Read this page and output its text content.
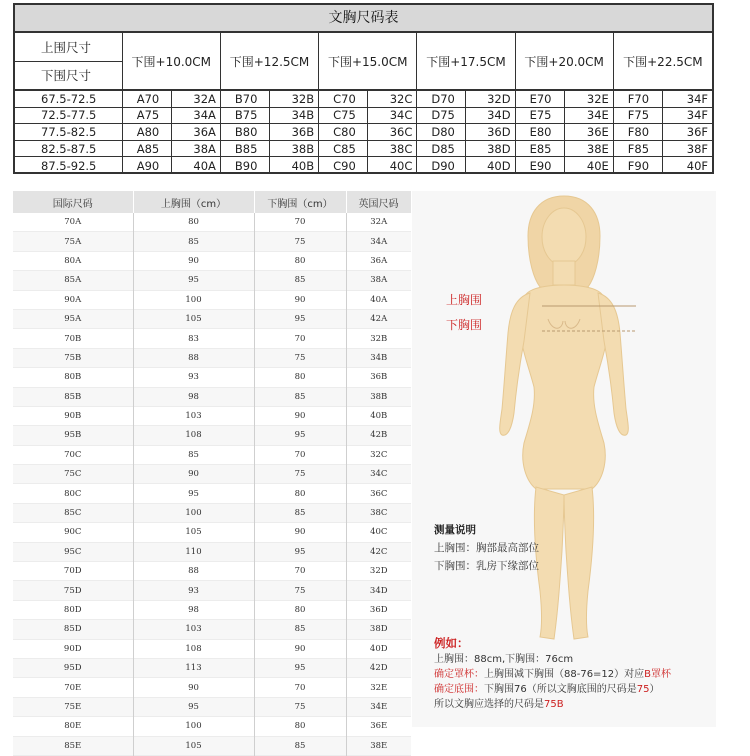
文胸尺码表
上围尺寸
下围尺寸
下围+10.0CM	下围+12.5CM	下围+15.0CM	下围+17.5CM	下围+20.0CM	下围+22.5CM
67.5-72.5	A70	32A	B70	32B	C70	32C	D70	32D	E70	32E	F70	34F
72.5-77.5	A75	34A	B75	34B	C75	34C	D75	34D	E75	34E	F75	34F
77.5-82.5	A80	36A	B80	36B	C80	36C	D80	36D	E80	36E	F80	36F
82.5-87.5	A85	38A	B85	38B	C85	38C	D85	38D	E85	38E	F85	38F
87.5-92.5	A90	40A	B90	40B	C90	40C	D90	40D	E90	40E	F90	40F
国际尺码	上胸围（cm）	下胸围（cm）	英国尺码
70A	80	70	32A
75A	85	75	34A
80A	90	80	36A
85A	95	85	38A
90A	100	90	40A
95A	105	95	42A
70B	83	70	32B
75B	88	75	34B
80B	93	80	36B
85B	98	85	38B
90B	103	90	40B
95B	108	95	42B
70C	85	70	32C
75C	90	75	34C
80C	95	80	36C
85C	100	85	38C
90C	105	90	40C
95C	110	95	42C
70D	88	70	32D
75D	93	75	34D
80D	98	80	36D
85D	103	85	38D
90D	108	90	40D
95D	113	95	42D
70E	90	70	32E
75E	95	75	34E
80E	100	80	36E
85E	105	85	38E
上胸围
下胸围
测量说明
上胸围：胸部最高部位
下胸围：乳房下缘部位
例如：
上胸围：88cm,下胸围：76cm
确定罩杯：上胸围减下胸围（88-76=12）对应B罩杯
确定底围：下胸围76（所以文胸底围的尺码是75）
所以文胸应选择的尺码是75B
